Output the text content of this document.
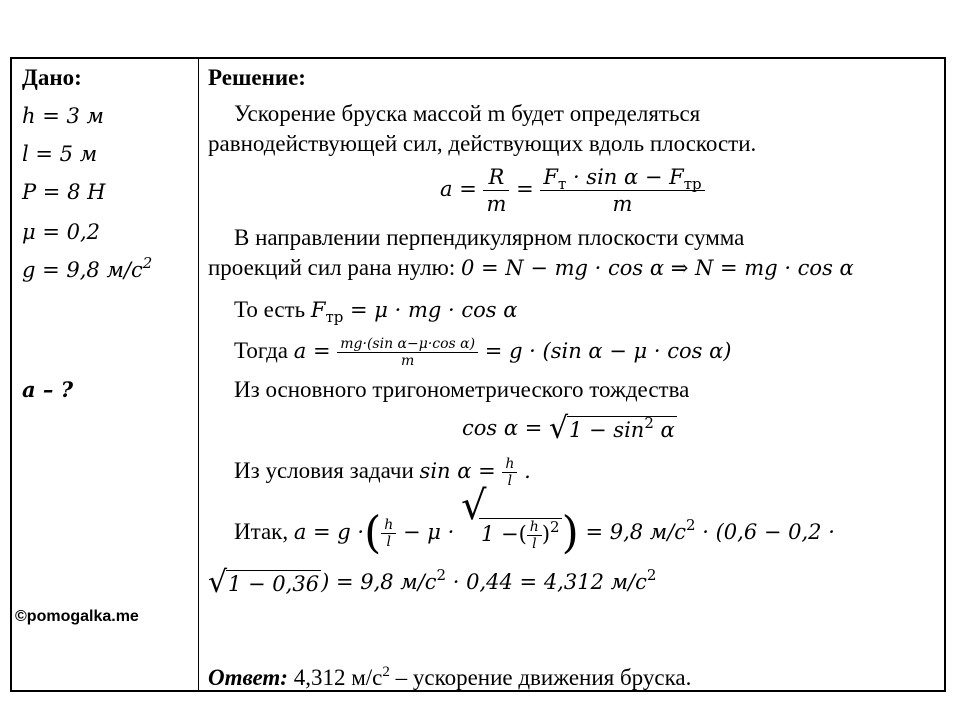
Дано:
h = 3 м
l = 5 м
P = 8 Н
μ = 0,2
g = 9,8 $м/с^2$
a – ?
Решение:
Ускорение бруска массой m будет определяться
равнодействующей сил, действующих вдоль плоскости.
$a = \frac{R}{m} = \frac{F_т \cdot \sin \alpha - F_{тр}}{m}$
В направлении перпендикулярном плоскости сумма
проекций сил рана нулю: 0 = N − mg · cos α ⇒ N = mg · cos α
То есть $F_{тр} = \mu$ · mg · cos α
Тогда $a = \frac{\text{mg·(sin α−μ·cos α)}}{m} = g \cdot (\sin$ α − μ · cos α)
Из основного тригонометрического тождества
cos α = √ $1 - \sin^2 \alpha$
Из условия задачи $\sin \alpha = \frac{h}{l}$ .
Итак, a = g ·( $\frac{h}{l} - \mu$ ·
√
1 −( $\frac{h}{l} )^2) = 9,8$ $м/с^2 \cdot (0,6 - 0,2$ ·
√ 1 − 0,36) = 9,8 $м/с^2 \cdot 0,44 = 4,312$ $м/с^2$
Ответ: 4,312 $м/с^2$ – ускорение движения бруска.
©pomogalka.me
